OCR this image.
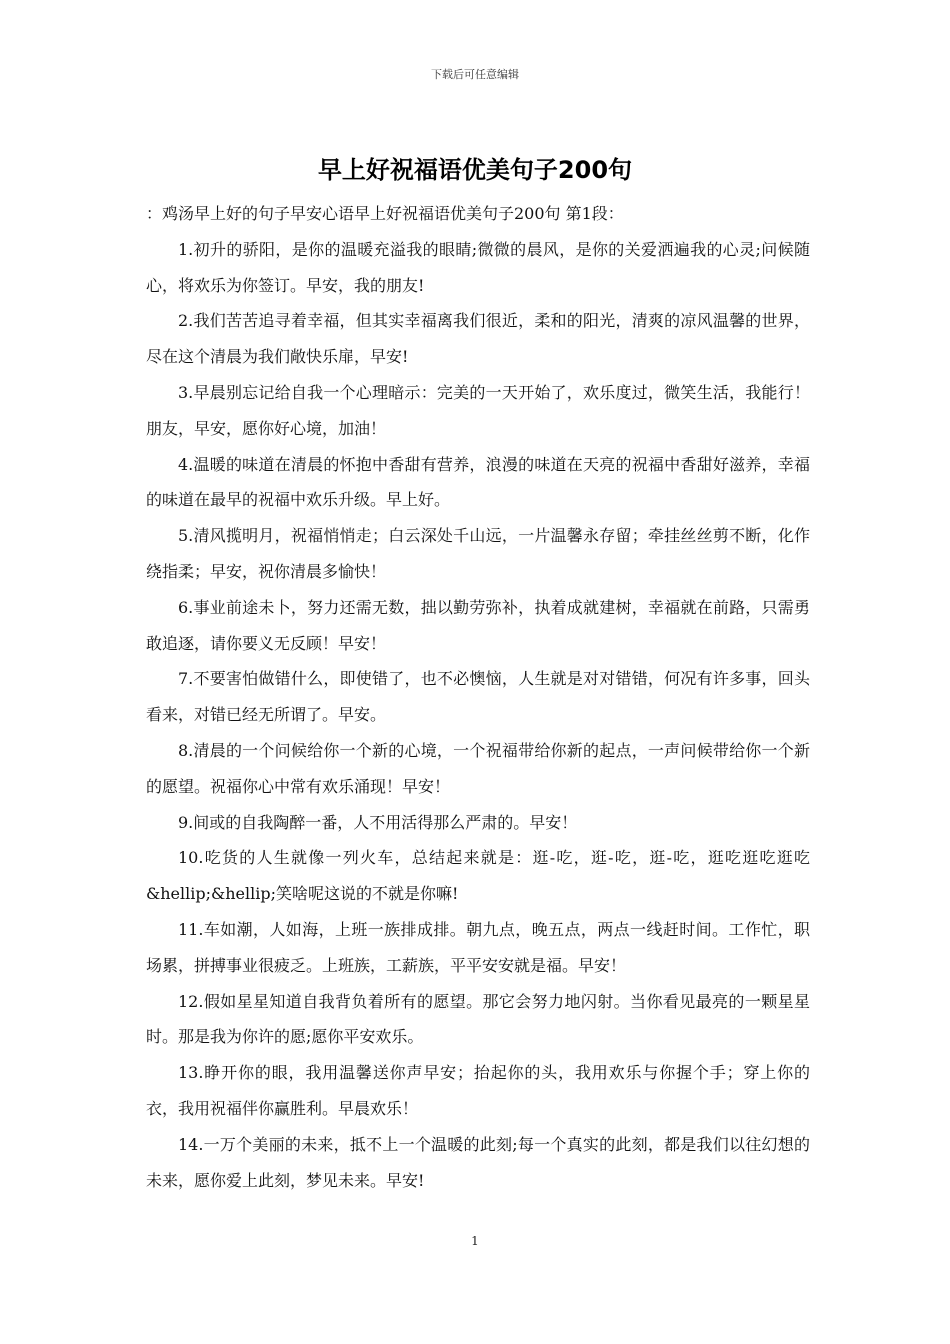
下载后可任意编辑
早上好祝福语优美句子200句

：鸡汤早上好的句子早安心语早上好祝福语优美句子200句 第1段：

1.初升的骄阳，是你的温暖充溢我的眼睛;微微的晨风，是你的关爱洒遍我的心灵;问候随心，将欢乐为你签订。早安，我的朋友!

2.我们苦苦追寻着幸福，但其实幸福离我们很近，柔和的阳光，清爽的凉风温馨的世界，尽在这个清晨为我们敞快乐扉，早安!

3.早晨别忘记给自我一个心理暗示：完美的一天开始了，欢乐度过，微笑生活，我能行！朋友，早安，愿你好心境，加油！

4.温暖的味道在清晨的怀抱中香甜有营养，浪漫的味道在天亮的祝福中香甜好滋养，幸福的味道在最早的祝福中欢乐升级。早上好。

5.清风揽明月，祝福悄悄走；白云深处千山远，一片温馨永存留；牵挂丝丝剪不断，化作绕指柔；早安，祝你清晨多愉快！

6.事业前途未卜，努力还需无数，拙以勤劳弥补，执着成就建树，幸福就在前路，只需勇敢追逐，请你要义无反顾！早安！

7.不要害怕做错什么，即使错了，也不必懊恼，人生就是对对错错，何况有许多事，回头看来，对错已经无所谓了。早安。

8.清晨的一个问候给你一个新的心境，一个祝福带给你新的起点，一声问候带给你一个新的愿望。祝福你心中常有欢乐涌现！早安！

9.间或的自我陶醉一番，人不用活得那么严肃的。早安！

10.吃货的人生就像一列火车，总结起来就是：逛-吃，逛-吃，逛-吃，逛吃逛吃逛吃&hellip;&hellip;笑啥呢这说的不就是你嘛!

11.车如潮，人如海，上班一族排成排。朝九点，晚五点，两点一线赶时间。工作忙，职场累，拼搏事业很疲乏。上班族，工薪族，平平安安就是福。早安！

12.假如星星知道自我背负着所有的愿望。那它会努力地闪射。当你看见最亮的一颗星星时。那是我为你许的愿;愿你平安欢乐。

13.睁开你的眼，我用温馨送你声早安；抬起你的头，我用欢乐与你握个手；穿上你的衣，我用祝福伴你赢胜利。早晨欢乐！

14.一万个美丽的未来，抵不上一个温暖的此刻;每一个真实的此刻，都是我们以往幻想的未来，愿你爱上此刻，梦见未来。早安!

1
